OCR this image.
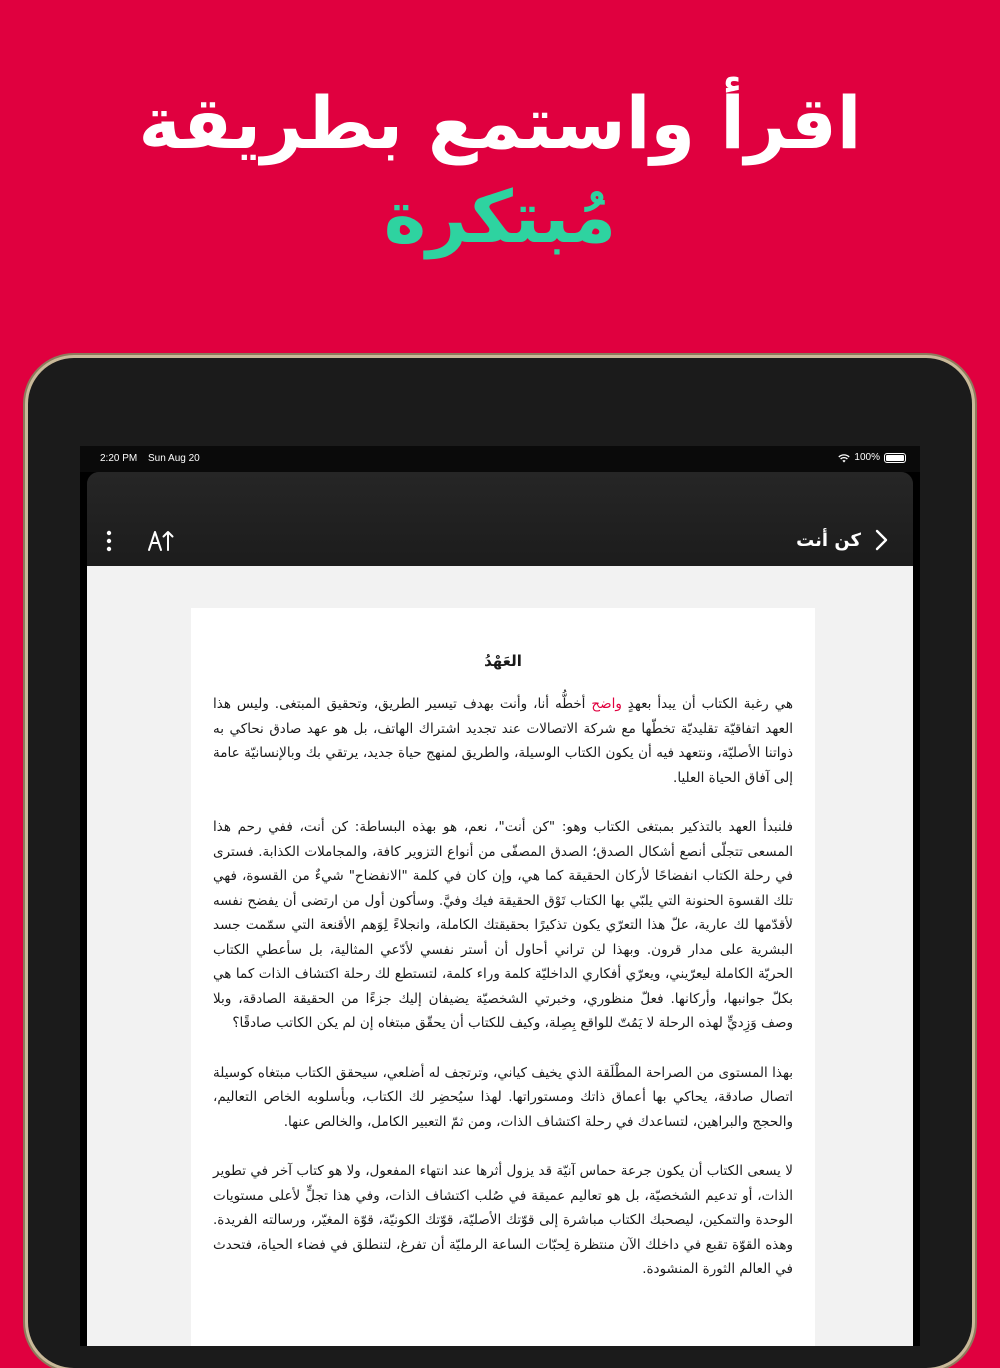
اقرأ واستمع بطريقة
مُبتكرة
2:20 PM Sun Aug 20	100%
كن أنت
العَهْدُ

هي رغبة الكتاب أن يبدأ بعهدٍ واضح أخطُّه أنا، وأنت بهدف تيسير الطريق، وتحقيق المبتغى. وليس هذا العهد اتفاقيّة تقليديّة تخطّها مع شركة الاتصالات عند تجديد اشتراك الهاتف، بل هو عهد صادق نحاكي به ذواتنا الأصليّة، ونتعهد فيه أن يكون الكتاب الوسيلة، والطريق لمنهج حياة جديد، يرتقي بك وبالإنسانيّة عامة إلى آفاق الحياة العليا.

فلنبدأ العهد بالتذكير بمبتغى الكتاب وهو: "كن أنت"، نعم، هو بهذه البساطة: كن أنت، ففي رحم هذا المسعى تتجلّى أنصع أشكال الصدق؛ الصدق المصفّى من أنواع التزوير كافة، والمجاملات الكذابة. فسترى في رحلة الكتاب انفضاحًا لأركان الحقيقة كما هي، وإن كان في كلمة "الانفضاح" شيءٌ من القسوة، فهي تلك القسوة الحنونة التي يلبّي بها الكتاب تَوْق الحقيقة فيك وفيَّ. وسأكون أول من ارتضى أن يفضح نفسه لأقدّمها لك عارية، علّ هذا التعرّي يكون تذكيرًا بحقيقتك الكاملة، وانجلاءً لِوَهم الأقنعة التي سمّمت جسد البشرية على مدار قرون. وبهذا لن تراني أحاول أن أستر نفسي لأدّعي المثالية، بل سأعطي الكتاب الحريّة الكاملة ليعرّيني، ويعرّي أفكاري الداخليّة كلمة وراء كلمة، لتستطع لك رحلة اكتشاف الذات كما هي بكلّ جوانبها، وأركانها. فعلّ منظوري، وخبرتي الشخصيّة يضيفان إليك جزءًا من الحقيقة الصادقة، وبلا وصف وَزِديٍّ لهذه الرحلة لا يَمُتّ للواقع بِصِلة، وكيف للكتاب أن يحقّق مبتغاه إن لم يكن الكاتب صادقًا؟

بهذا المستوى من الصراحة المطْلَقة الذي يخيف كياني، وترتجف له أضلعي، سيحقق الكتاب مبتغاه كوسيلة اتصال صادقة، يحاكي بها أعماق ذاتك ومستوراتها. لهذا سيُحضِر لك الكتاب، وبأسلوبه الخاص التعاليم، والحجج والبراهين، لتساعدك في رحلة اكتشاف الذات، ومن ثمّ التعبير الكامل، والخالص عنها.

لا يسعى الكتاب أن يكون جرعة حماس آنيّة قد يزول أثرها عند انتهاء المفعول، ولا هو كتاب آخر في تطوير الذات، أو تدعيم الشخصيّة، بل هو تعاليم عميقة في صُلب اكتشاف الذات، وفي هذا تجلٍّ لأعلى مستويات الوحدة والتمكين، ليصحبك الكتاب مباشرة إلى قوّتك الأصليّة، قوّتك الكونيّة، قوّة المغيّر، ورسالته الفريدة. وهذه القوّة تقبع في داخلك الآن منتظرة لِحبّات الساعة الرمليّة أن تفرغ، لتنطلق في فضاء الحياة، فتحدث في العالم الثورة المنشودة.
